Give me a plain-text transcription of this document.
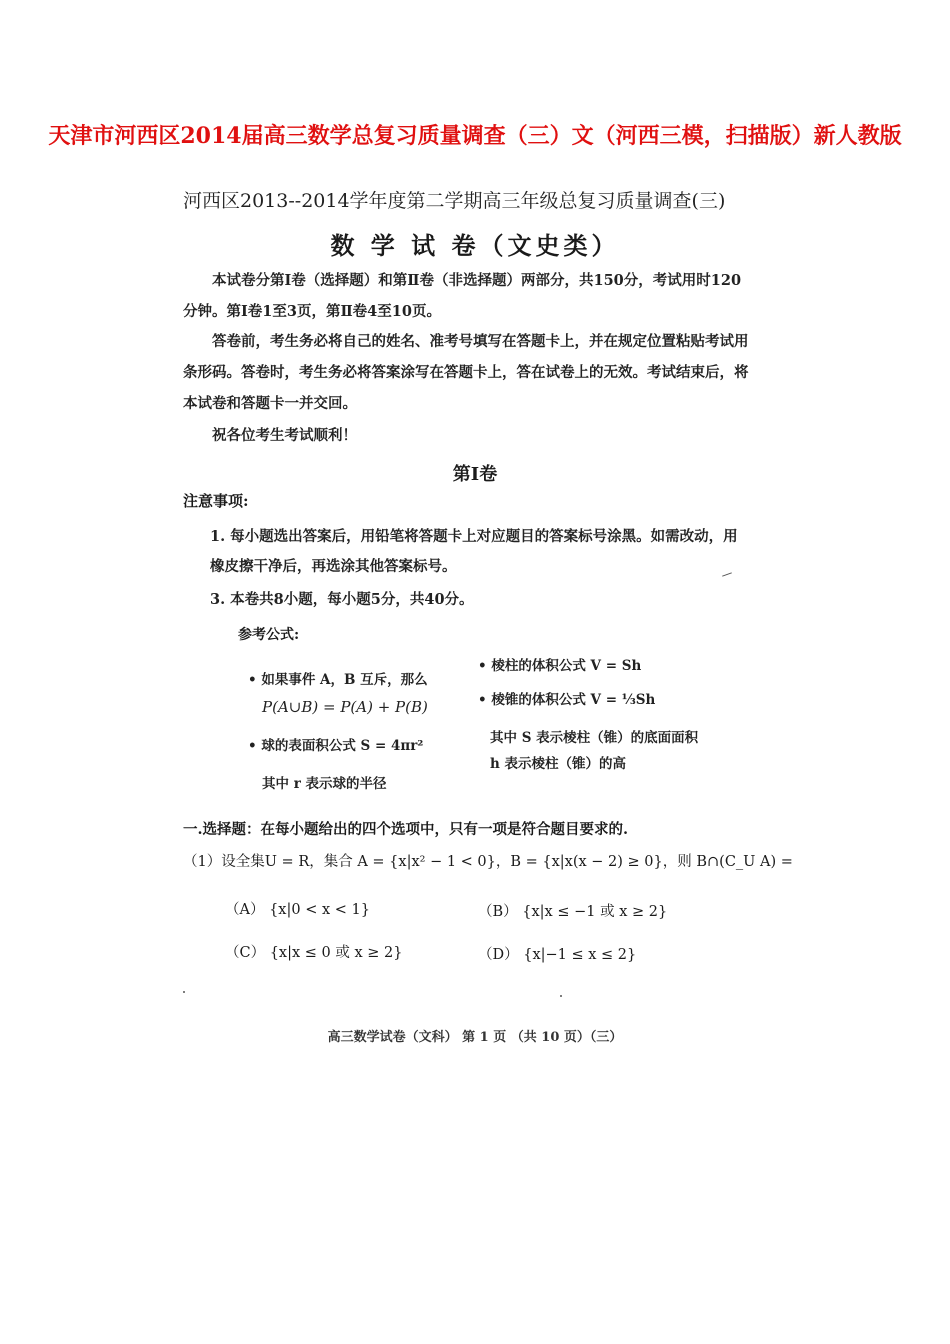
天津市河西区2014届高三数学总复习质量调查（三）文（河西三模，扫描版）新人教版
河西区2013--2014学年度第二学期高三年级总复习质量调查(三)
数 学 试 卷（文史类）
本试卷分第Ⅰ卷（选择题）和第Ⅱ卷（非选择题）两部分，共150分，考试用时120分钟。第Ⅰ卷1至3页，第Ⅱ卷4至10页。
答卷前，考生务必将自己的姓名、准考号填写在答题卡上，并在规定位置粘贴考试用条形码。答卷时，考生务必将答案涂写在答题卡上，答在试卷上的无效。考试结束后，将本试卷和答题卡一并交回。
祝各位考生考试顺利！
第Ⅰ卷
注意事项:
1. 每小题选出答案后，用铅笔将答题卡上对应题目的答案标号涂黑。如需改动，用橡皮擦干净后，再选涂其他答案标号。
3. 本卷共8小题，每小题5分，共40分。
参考公式:
• 如果事件 A，B 互斥，那么
P(A∪B) = P(A) + P(B)
• 球的表面积公式 S = 4πr²
其中 r 表示球的半径
• 棱柱的体积公式 V = Sh
• 棱锥的体积公式 V = ⅓Sh
其中 S 表示棱柱（锥）的底面面积
h 表示棱柱（锥）的高
一.选择题：在每小题给出的四个选项中，只有一项是符合题目要求的.
（1）设全集U = R，集合 A = {x|x² − 1 < 0}，B = {x|x(x − 2) ≥ 0}，则 B∩(C_U A) =
（A） {x|0 < x < 1}	（B） {x|x ≤ −1 或 x ≥ 2}
（C） {x|x ≤ 0 或 x ≥ 2}	（D） {x|−1 ≤ x ≤ 2}
高三数学试卷（文科） 第 1 页 （共 10 页）（三）
